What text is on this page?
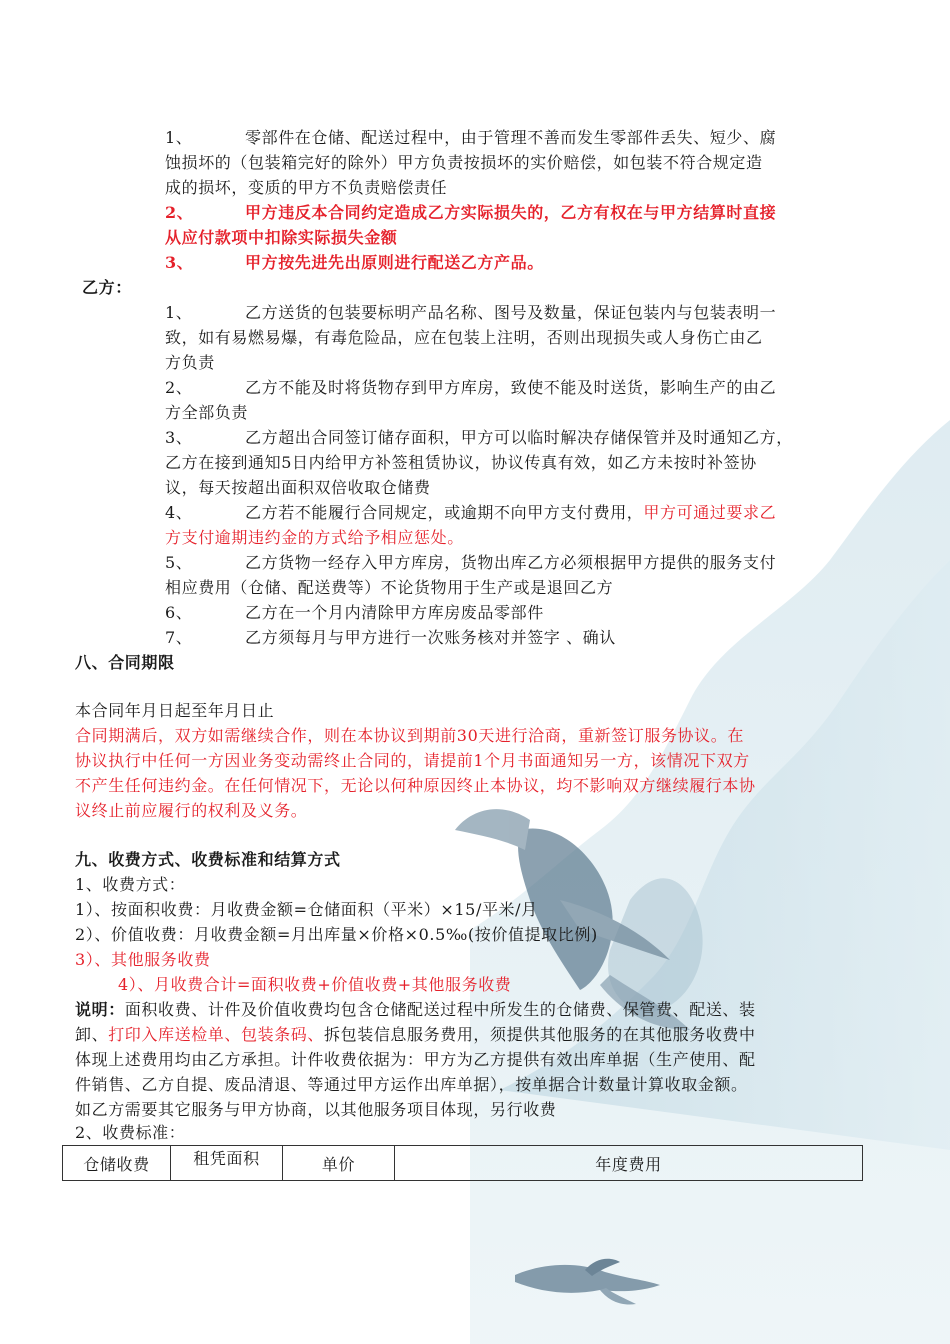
1、	零部件在仓储、配送过程中，由于管理不善而发生零部件丢失、短少、腐
蚀损坏的（包装箱完好的除外）甲方负责按损坏的实价赔偿，如包装不符合规定造
成的损坏，变质的甲方不负责赔偿责任
2、	甲方违反本合同约定造成乙方实际损失的，乙方有权在与甲方结算时直接
从应付款项中扣除实际损失金额
3、	甲方按先进先出原则进行配送乙方产品。
乙方：
1、	乙方送货的包装要标明产品名称、图号及数量，保证包装内与包装表明一
致，如有易燃易爆，有毒危险品，应在包装上注明，否则出现损失或人身伤亡由乙
方负责
2、	乙方不能及时将货物存到甲方库房，致使不能及时送货，影响生产的由乙
方全部负责
3、	乙方超出合同签订储存面积，甲方可以临时解决存储保管并及时通知乙方，
乙方在接到通知5日内给甲方补签租赁协议，协议传真有效，如乙方未按时补签协
议，每天按超出面积双倍收取仓储费
4、	乙方若不能履行合同规定，或逾期不向甲方支付费用，甲方可通过要求乙
方支付逾期违约金的方式给予相应惩处。
5、	乙方货物一经存入甲方库房，货物出库乙方必须根据甲方提供的服务支付
相应费用（仓储、配送费等）不论货物用于生产或是退回乙方
6、	乙方在一个月内清除甲方库房废品零部件
7、	乙方须每月与甲方进行一次账务核对并签字 、确认
八、合同期限
本合同年月日起至年月日止
合同期满后，双方如需继续合作，则在本协议到期前30天进行洽商，重新签订服务协议。在
协议执行中任何一方因业务变动需终止合同的，请提前1个月书面通知另一方，该情况下双方
不产生任何违约金。在任何情况下，无论以何种原因终止本协议，均不影响双方继续履行本协
议终止前应履行的权利及义务。
九、收费方式、收费标准和结算方式
1、收费方式：
1）、按面积收费：月收费金额=仓储面积（平米）×15/平米/月
2）、价值收费：月收费金额=月出库量×价格×0.5‰(按价值提取比例)
3）、其他服务收费
4）、月收费合计=面积收费+价值收费+其他服务收费
说明：面积收费、计件及价值收费均包含仓储配送过程中所发生的仓储费、保管费、配送、装
卸、打印入库送检单、包装条码、拆包装信息服务费用，须提供其他服务的在其他服务收费中
体现上述费用均由乙方承担。计件收费依据为：甲方为乙方提供有效出库单据（生产使用、配
件销售、乙方自提、废品清退、等通过甲方运作出库单据），按单据合计数量计算收取金额。
如乙方需要其它服务与甲方协商，以其他服务项目体现，另行收费
2、收费标准：
仓储收费	租凭面积	单价	年度费用
